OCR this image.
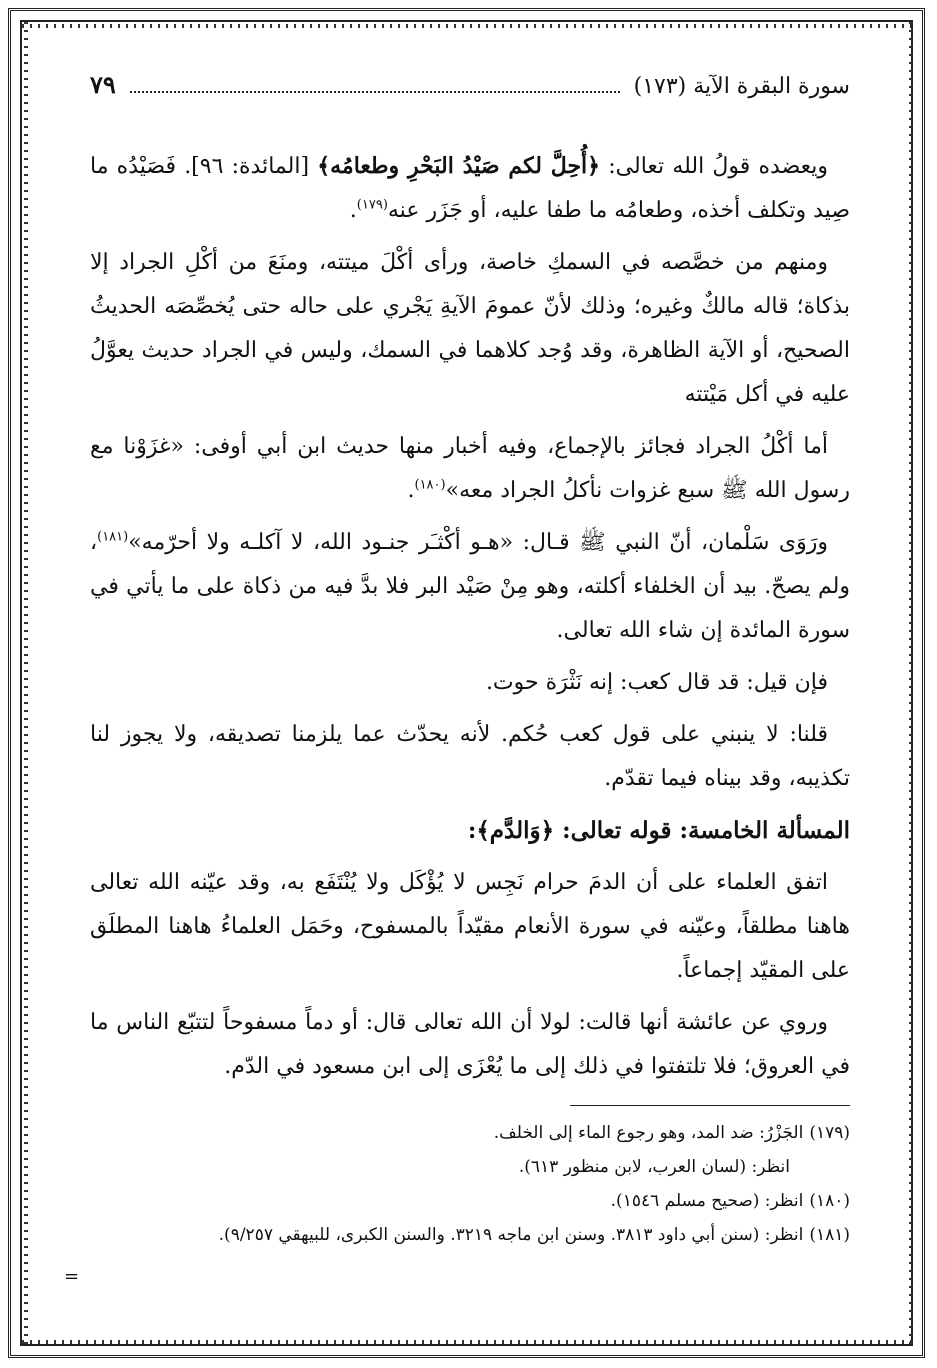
سورة البقرة الآية (١٧٣)
٧٩

ويعضده قولُ الله تعالى: ﴿أُحِلَّ لكم صَيْدُ البَحْرِ وطعامُه﴾ [المائدة: ٩٦]. فَصَيْدُه ما صِيد وتكلف أخذه، وطعامُه ما طفا عليه، أو جَزَر عنه$^{(١٧٩)}$.

ومنهم من خصَّصه في السمكِ خاصة، ورأى أكْلَ ميتته، ومنَعَ من أكْلِ الجراد إلا بذكاة؛ قاله مالكٌ وغيره؛ وذلك لأنّ عمومَ الآيةِ يَجْري على حاله حتى يُخصِّصَه الحديثُ الصحيح، أو الآية الظاهرة، وقد وُجد كلاهما في السمك، وليس في الجراد حديث يعوَّلُ عليه في أكل مَيْتته

أما أكْلُ الجراد فجائز بالإجماع، وفيه أخبار منها حديث ابن أبي أوفى: «غزَوْنا مع رسول الله ﷺ سبع غزوات نأكلُ الجراد معه»$^{(١٨٠)}$.

ورَوَى سَلْمان، أنّ النبي ﷺ قـال: «هـو أكْثـَر جنـود الله، لا آكلـه ولا أحرّمه»$^{(١٨١)}$، ولم يصحّ. بيد أن الخلفاء أكلته، وهو مِنْ صَيْد البر فلا بدَّ فيه من ذكاة على ما يأتي في سورة المائدة إن شاء الله تعالى.

فإن قيل: قد قال كعب: إنه نَثْرَة حوت.

قلنا: لا ينبني على قول كعب حُكم. لأنه يحدّث عما يلزمنا تصديقه، ولا يجوز لنا تكذيبه، وقد بيناه فيما تقدّم.

المسألة الخامسة: قوله تعالى: ﴿وَالدَّم﴾:

اتفق العلماء على أن الدمَ حرام نَجِس لا يُؤْكَل ولا يُنْتَفَع به، وقد عيّنه الله تعالى هاهنا مطلقاً، وعيّنه في سورة الأنعام مقيّداً بالمسفوح، وحَمَل العلماءُ هاهنا المطلَق على المقيّد إجماعاً.

وروي عن عائشة أنها قالت: لولا أن الله تعالى قال: أو دماً مسفوحاً لتتبّع الناس ما في العروق؛ فلا تلتفتوا في ذلك إلى ما يُعْزَى إلى ابن مسعود في الدّم.

(١٧٩)الجَزْرُ: ضد المد، وهو رجوع الماء إلى الخلف.

انظر: (لسان العرب، لابن منظور ٦١٣).

(١٨٠)انظر: (صحيح مسلم ١٥٤٦).

(١٨١)انظر: (سنن أبي داود ٣٨١٣. وسنن ابن ماجه ٣٢١٩. والسنن الكبرى، للبيهقي ٩/٢٥٧).

=
